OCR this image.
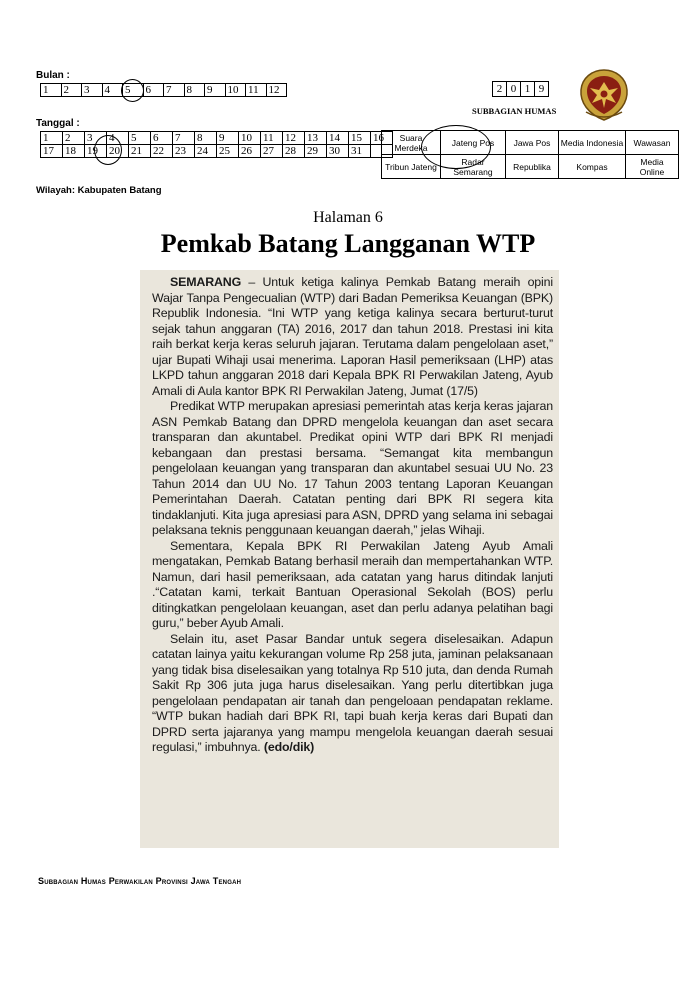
Bulan :
1	2	3	4	5	6	7	8	9	10	11	12
Tanggal :
1	2	3	4	5	6	7	8	9	10	11	12	13	14	15	16
17	18	19	20	21	22	23	24	25	26	27	28	29	30	31	
Wilayah: Kabupaten Batang
2	0	1	9
SUBBAGIAN HUMAS
Suara Merdeka	Jateng Pos	Jawa Pos	Media Indonesia	Wawasan
Tribun Jateng	Radar Semarang	Republika	Kompas	Media Online
Halaman 6
Pemkab Batang Langganan WTP

SEMARANG – Untuk ketiga kalinya Pemkab Batang meraih opini Wajar Tanpa Pengecualian (WTP) dari Badan Pemeriksa Keuangan (BPK) Republik Indonesia. “Ini WTP yang ketiga kalinya secara berturut-turut sejak tahun anggaran (TA) 2016, 2017 dan tahun 2018. Prestasi ini kita raih berkat kerja keras seluruh jajaran. Terutama dalam pengelolaan aset,” ujar Bupati Wihaji usai menerima. Laporan Hasil pemeriksaan (LHP) atas LKPD tahun anggaran 2018 dari Kepala BPK RI Perwakilan Jateng, Ayub Amali di Aula kantor BPK RI Perwakilan Jateng, Jumat (17/5)

Predikat WTP merupakan apresiasi pemerintah atas kerja keras jajaran ASN Pemkab Batang dan DPRD mengelola keuangan dan aset secara transparan dan akuntabel. Predikat opini WTP dari BPK RI menjadi kebangaan dan prestasi bersama. “Semangat kita membangun pengelolaan keuangan yang transparan dan akuntabel sesuai UU No. 23 Tahun 2014 dan UU No. 17 Tahun 2003 tentang Laporan Keuangan Pemerintahan Daerah. Catatan penting dari BPK RI segera kita tindaklanjuti. Kita juga apresiasi para ASN, DPRD yang selama ini sebagai pelaksana teknis penggunaan keuangan daerah,” jelas Wihaji.

Sementara, Kepala BPK RI Perwakilan Jateng Ayub Amali mengatakan, Pemkab Batang berhasil meraih dan mempertahankan WTP. Namun, dari hasil pemeriksaan, ada catatan yang harus ditindak lanjuti .“Catatan kami, terkait Bantuan Operasional Sekolah (BOS) perlu ditingkatkan pengelolaan keuangan, aset dan perlu adanya pelatihan bagi guru,” beber Ayub Amali.

Selain itu, aset Pasar Bandar untuk segera diselesaikan. Adapun catatan lainya yaitu kekurangan volume Rp 258 juta, jaminan pelaksanaan yang tidak bisa diselesaikan yang totalnya Rp 510 juta, dan denda Rumah Sakit Rp 306 juta juga harus diselesaikan. Yang perlu ditertibkan juga pengelolaan pendapatan air tanah dan pengeloaan pendapatan reklame. “WTP bukan hadiah dari BPK RI, tapi buah kerja keras dari Bupati dan DPRD serta jajaranya yang mampu mengelola keuangan daerah sesuai regulasi,” imbuhnya. (edo/dik)

Subbagian Humas Perwakilan Provinsi Jawa Tengah
